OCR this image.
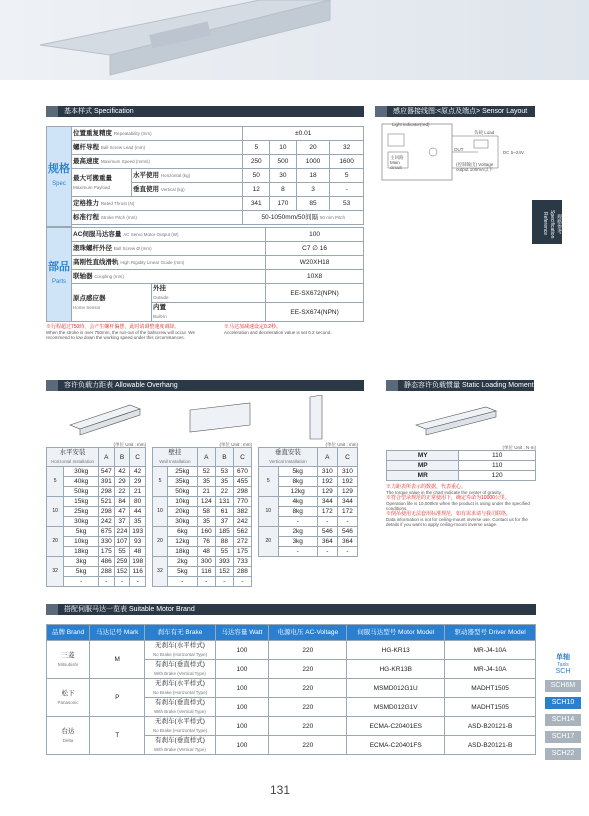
基本样式 Specification	感应器接线图:<原点及端点> Sensor Layout
规格
Spec	位置重复精度 Repeatability (mm)		±0.01			
	螺杆导程 Ball Screw Lead (mm)		5	10	20	32
	最高速度 Maximum Speed (mm/s)		250	500	1000	1600
	最大可搬重量
Maximum Payload	水平使用 Horizontal (kg)	50	30	18	5
		垂直使用 Vertical (kg)	12	8	3	-
	定格推力 Rated Thrust (N)		341	170	85	53
	标准行程 Stroke Pitch (mm)		50-1050mm/50间隔 50 mm Pitch			

部品
Parts	AC伺服马达容量 AC Servo Motor Output (W)		100
	滚珠螺杆外径 Ball Screw Ø (mm)		C7 ∅ 16
	高刚性直线滑轨 High Rigidity Linear Guide (mm)		W20XH18
	联轴器 Coupling (mm)		10X8
	原点感应器
Home Sensor	外挂
Outside	EE-SX672(NPN)
		内置
Built-in	EE-SX674(NPN)
※行程超过750時，会产生螺杆偏摆，此时请调整速度调降。
When the stroke is over 750mm, the run-out of the ballscrew will occur. We recommend to low down the working speed under this circumstances.
※马达加减速设定0.2秒。
Acceleration and deceleration value is set 0.2 second.
Light indicator(red)
主回路 Main circuit
OUT
DC 5~24V
负载 Load
(控制输出) Voltage output 100mA以下
规格参考 Specification Reference
容许负载力距表 Allowable Overhang	静态容许负载惯量 Static Loading Moment
(单位 Unit : mm)
水平安装
Horizontal Installation		A	B	C
5	30kg	547	42	42
	40kg	391	29	29
	50kg	298	22	21
10	15kg	521	84	80
	25kg	298	47	44
	30kg	242	37	35
20	5kg	675	224	193
	10kg	330	107	93
	18kg	175	55	48
32	3kg	486	259	198
	5kg	288	152	116
	-	-	-	-
(单位 Unit : mm)
壁挂
Wall Installation		A	B	C
5	25kg	52	53	670
	35kg	35	35	455
	50kg	21	22	298
10	10kg	124	131	770
	20kg	58	61	382
	30kg	35	37	242
20	6kg	160	185	562
	12kg	76	88	272
	18kg	48	55	175
32	2kg	300	393	733
	5kg	116	152	288
	-	-	-	-
(单位 Unit : mm)
垂直安装
Vertical Installation		A	C
5	5kg	310	310
	8kg	192	192
	12kg	129	129
10	4kg	344	344
	8kg	172	172
	-	-	-
20	2kg	546	546
	3kg	364	364
	-	-	-
(单位 Unit : N·m)
MY	110
MP	110
MR	120
※力距表所表示的数据，代表重心。
The torque value in the chart indicate the center of gravity.
※符合型录规范的正常使用下，确定寿命为10000公里。
Operation life is 10,000km when the product is using under the specified conditions.
※倒吊使用无法套用标准规范，如有需求请与我司联络。
Data information is not for ceiling-mount inverse use. Contact us for the details if you want to apply ceiling-mount inverse usage.
搭配伺服马达一览表 Suitable Motor Brand
品牌 Brand	马达记号 Mark	刹车有无 Brake	马达容量 Watt	电源电压 AC-Voltage	伺服马达型号 Motor Model	驱动器型号 Driver Model
三菱
Mitsubishi	M	无刹车(水平样式)
No Brake (Horizontal Type)	100	220	HG-KR13	MR-J4-10A
		有刹车(垂直样式)
With Brake (Vertical Type)	100	220	HG-KR13B	MR-J4-10A
松下
Panasonic	P	无刹车(水平样式)
No Brake (Horizontal Type)	100	220	MSMD012G1U	MADHT1505
		有刹车(垂直样式)
With Brake (Vertical Type)	100	220	MSMD012G1V	MADHT1505
台达
Delta	T	无刹车(水平样式)
No Brake (Horizontal Type)	100	220	ECMA-C20401ES	ASD-B20121-B
		有刹车(垂直样式)
With Brake (Vertical Type)	100	220	ECMA-C20401FS	ASD-B20121-B
单轴
Taxis
SCH
SCH6M
SCH10
SCH14
SCH17
SCH22
131
